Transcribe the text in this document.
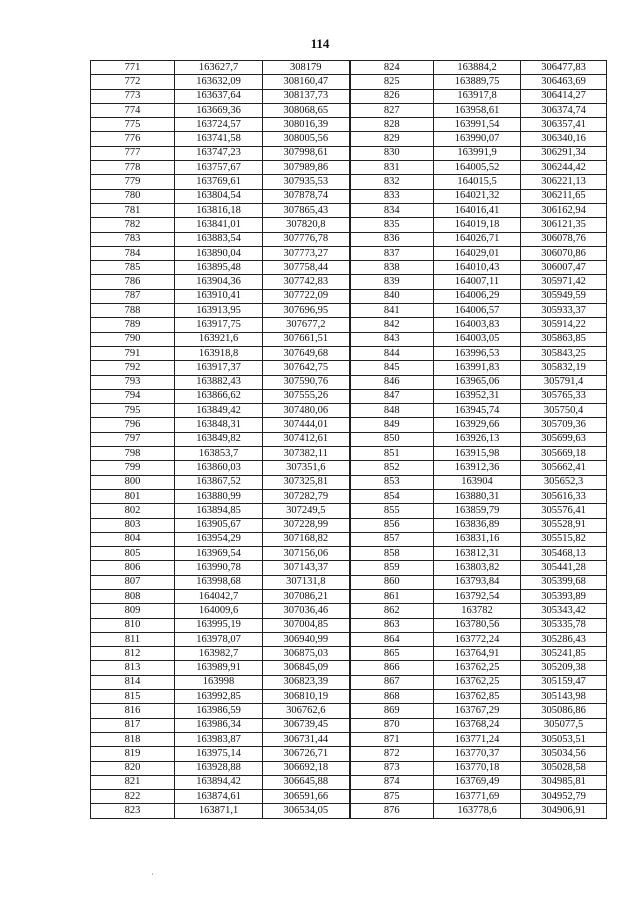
114
771	163627,7	308179	824	163884,2	306477,83
772	163632,09	308160,47	825	163889,75	306463,69
773	163637,64	308137,73	826	163917,8	306414,27
774	163669,36	308068,65	827	163958,61	306374,74
775	163724,57	308016,39	828	163991,54	306357,41
776	163741,58	308005,56	829	163990,07	306340,16
777	163747,23	307998,61	830	163991,9	306291,34
778	163757,67	307989,86	831	164005,52	306244,42
779	163769,61	307935,53	832	164015,5	306221,13
780	163804,54	307878,74	833	164021,32	306211,65
781	163816,18	307865,43	834	164016,41	306162,94
782	163841,01	307820,8	835	164019,18	306121,35
783	163883,54	307776,78	836	164026,71	306078,76
784	163890,04	307773,27	837	164029,01	306070,86
785	163895,48	307758,44	838	164010,43	306007,47
786	163904,36	307742,83	839	164007,11	305971,42
787	163910,41	307722,09	840	164006,29	305949,59
788	163913,95	307696,95	841	164006,57	305933,37
789	163917,75	307677,2	842	164003,83	305914,22
790	163921,6	307661,51	843	164003,05	305863,85
791	163918,8	307649,68	844	163996,53	305843,25
792	163917,37	307642,75	845	163991,83	305832,19
793	163882,43	307590,76	846	163965,06	305791,4
794	163866,62	307555,26	847	163952,31	305765,33
795	163849,42	307480,06	848	163945,74	305750,4
796	163848,31	307444,01	849	163929,66	305709,36
797	163849,82	307412,61	850	163926,13	305699,63
798	163853,7	307382,11	851	163915,98	305669,18
799	163860,03	307351,6	852	163912,36	305662,41
800	163867,52	307325,81	853	163904	305652,3
801	163880,99	307282,79	854	163880,31	305616,33
802	163894,85	307249,5	855	163859,79	305576,41
803	163905,67	307228,99	856	163836,89	305528,91
804	163954,29	307168,82	857	163831,16	305515,82
805	163969,54	307156,06	858	163812,31	305468,13
806	163990,78	307143,37	859	163803,82	305441,28
807	163998,68	307131,8	860	163793,84	305399,68
808	164042,7	307086,21	861	163792,54	305393,89
809	164009,6	307036,46	862	163782	305343,42
810	163995,19	307004,85	863	163780,56	305335,78
811	163978,07	306940,99	864	163772,24	305286,43
812	163982,7	306875,03	865	163764,91	305241,85
813	163989,91	306845,09	866	163762,25	305209,38
814	163998	306823,39	867	163762,25	305159,47
815	163992,85	306810,19	868	163762,85	305143,98
816	163986,59	306762,6	869	163767,29	305086,86
817	163986,34	306739,45	870	163768,24	305077,5
818	163983,87	306731,44	871	163771,24	305053,51
819	163975,14	306726,71	872	163770,37	305034,56
820	163928,88	306692,18	873	163770,18	305028,58
821	163894,42	306645,88	874	163769,49	304985,81
822	163874,61	306591,66	875	163771,69	304952,79
823	163871,1	306534,05	876	163778,6	304906,91
